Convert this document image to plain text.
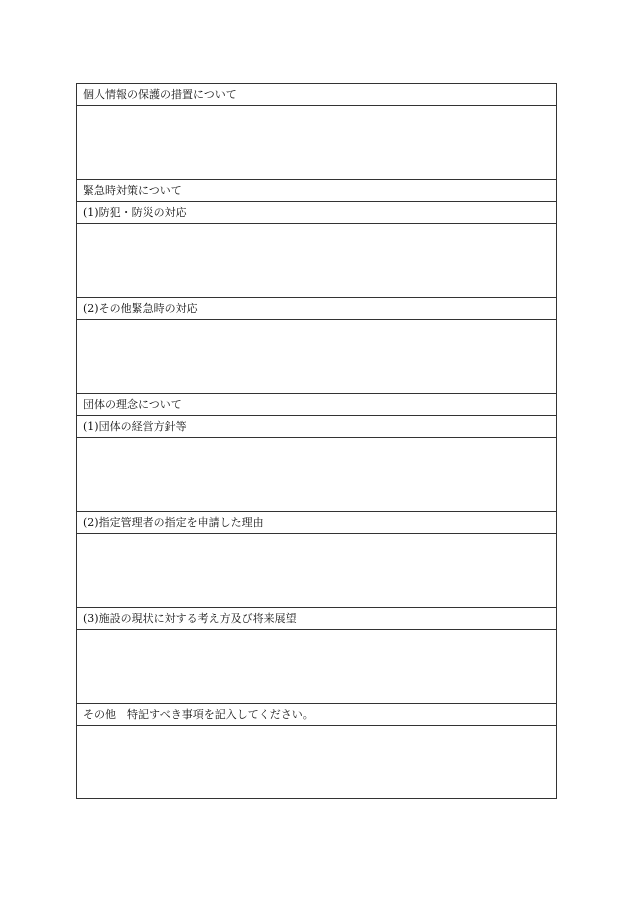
個人情報の保護の措置について

緊急時対策について
(1)防犯・防災の対応

(2)その他緊急時の対応

団体の理念について
(1)団体の経営方針等

(2)指定管理者の指定を申請した理由

(3)施設の現状に対する考え方及び将来展望

その他　特記すべき事項を記入してください。
